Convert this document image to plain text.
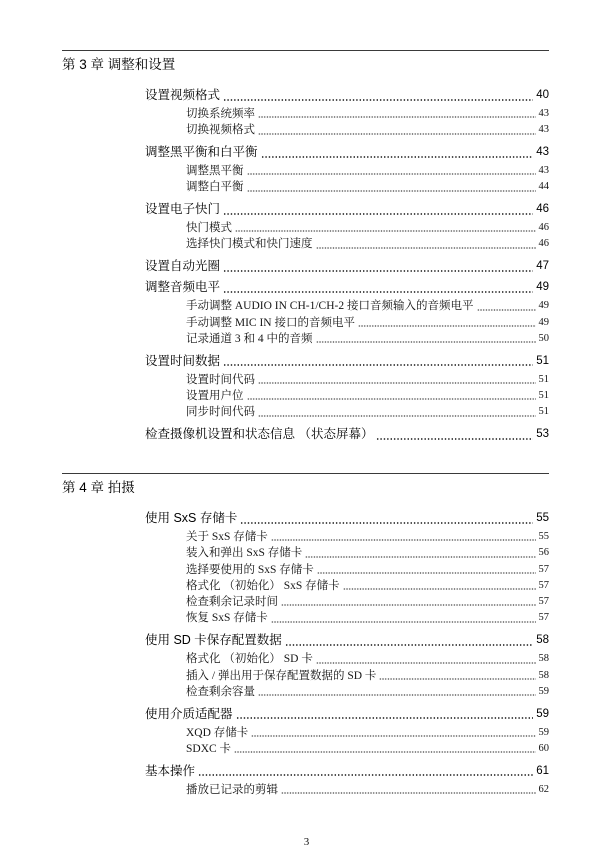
第 3 章 调整和设置
设置视频格式	40
切换系统频率	43
切换视频格式	43
调整黑平衡和白平衡	43
调整黑平衡	43
调整白平衡	44
设置电子快门	46
快门模式	46
选择快门模式和快门速度	46
设置自动光圈	47
调整音频电平	49
手动调整 AUDIO IN CH-1/CH-2 接口音频输入的音频电平	49
手动调整 MIC IN 接口的音频电平	49
记录通道 3 和 4 中的音频	50
设置时间数据	51
设置时间代码	51
设置用户位	51
同步时间代码	51
检查摄像机设置和状态信息 （状态屏幕）	53
第 4 章 拍摄
使用 SxS 存储卡	55
关于 SxS 存储卡	55
装入和弹出 SxS 存储卡	56
选择要使用的 SxS 存储卡	57
格式化 （初始化） SxS 存储卡	57
检查剩余记录时间	57
恢复 SxS 存储卡	57
使用 SD 卡保存配置数据	58
格式化 （初始化） SD 卡	58
插入 / 弹出用于保存配置数据的 SD 卡	58
检查剩余容量	59
使用介质适配器	59
XQD 存储卡	59
SDXC 卡	60
基本操作	61
播放已记录的剪辑	62
3
